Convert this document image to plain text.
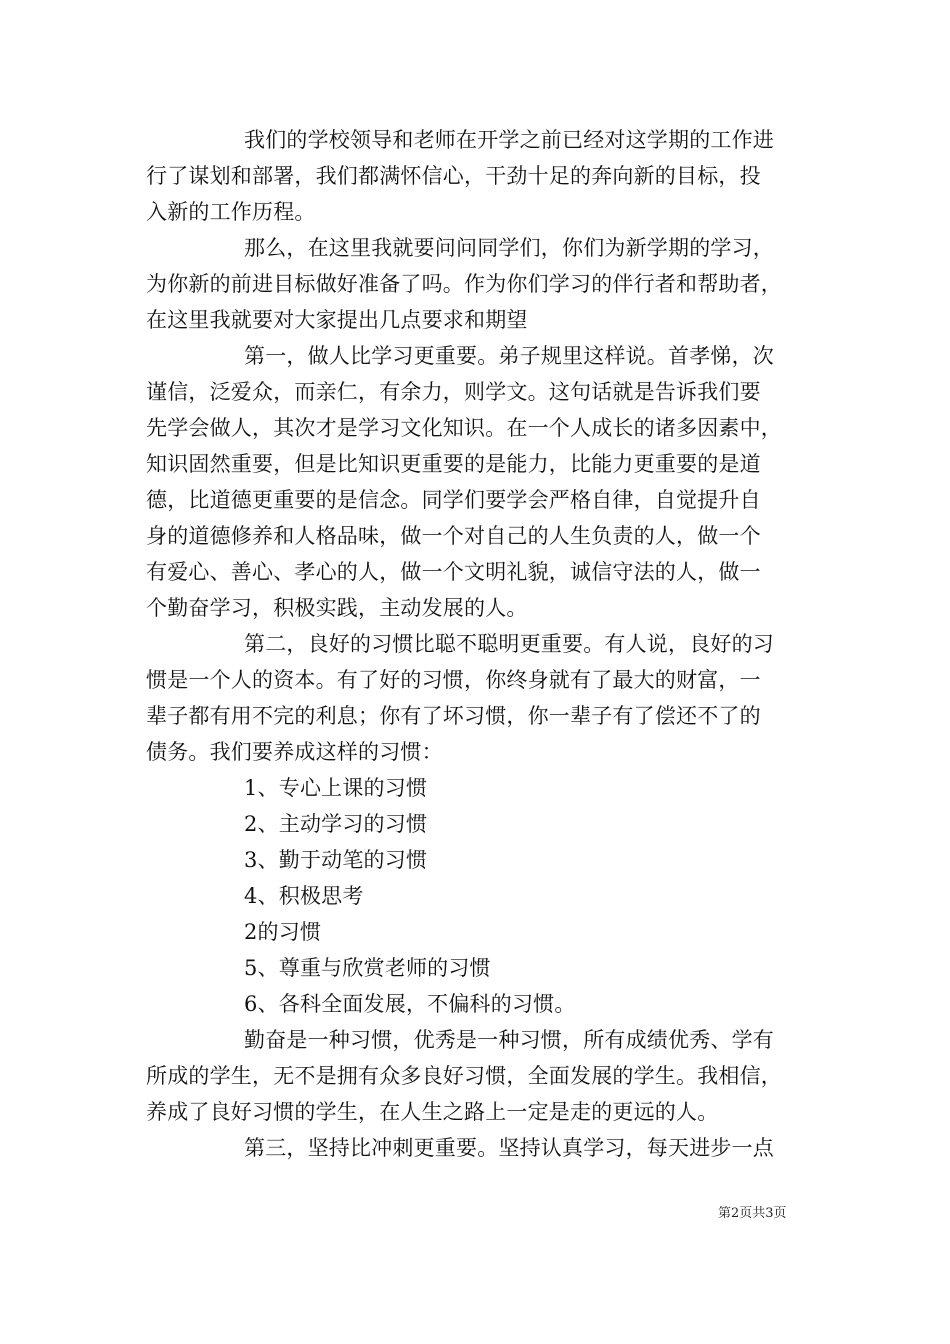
我们的学校领导和老师在开学之前已经对这学期的工作进
行了谋划和部署，我们都满怀信心，干劲十足的奔向新的目标，投
入新的工作历程。
那么，在这里我就要问问同学们，你们为新学期的学习，
为你新的前进目标做好准备了吗。作为你们学习的伴行者和帮助者，
在这里我就要对大家提出几点要求和期望
第一，做人比学习更重要。弟子规里这样说。首孝悌，次
谨信，泛爱众，而亲仁，有余力，则学文。这句话就是告诉我们要
先学会做人，其次才是学习文化知识。在一个人成长的诸多因素中，
知识固然重要，但是比知识更重要的是能力，比能力更重要的是道
德，比道德更重要的是信念。同学们要学会严格自律，自觉提升自
身的道德修养和人格品味，做一个对自己的人生负责的人，做一个
有爱心、善心、孝心的人，做一个文明礼貌，诚信守法的人，做一
个勤奋学习，积极实践，主动发展的人。
第二，良好的习惯比聪不聪明更重要。有人说，良好的习
惯是一个人的资本。有了好的习惯，你终身就有了最大的财富，一
辈子都有用不完的利息；你有了坏习惯，你一辈子有了偿还不了的
债务。我们要养成这样的习惯：
1、专心上课的习惯
2、主动学习的习惯
3、勤于动笔的习惯
4、积极思考
2的习惯
5、尊重与欣赏老师的习惯
6、各科全面发展，不偏科的习惯。
勤奋是一种习惯，优秀是一种习惯，所有成绩优秀、学有
所成的学生，无不是拥有众多良好习惯，全面发展的学生。我相信，
养成了良好习惯的学生，在人生之路上一定是走的更远的人。
第三，坚持比冲刺更重要。坚持认真学习，每天进步一点
第2页共3页
